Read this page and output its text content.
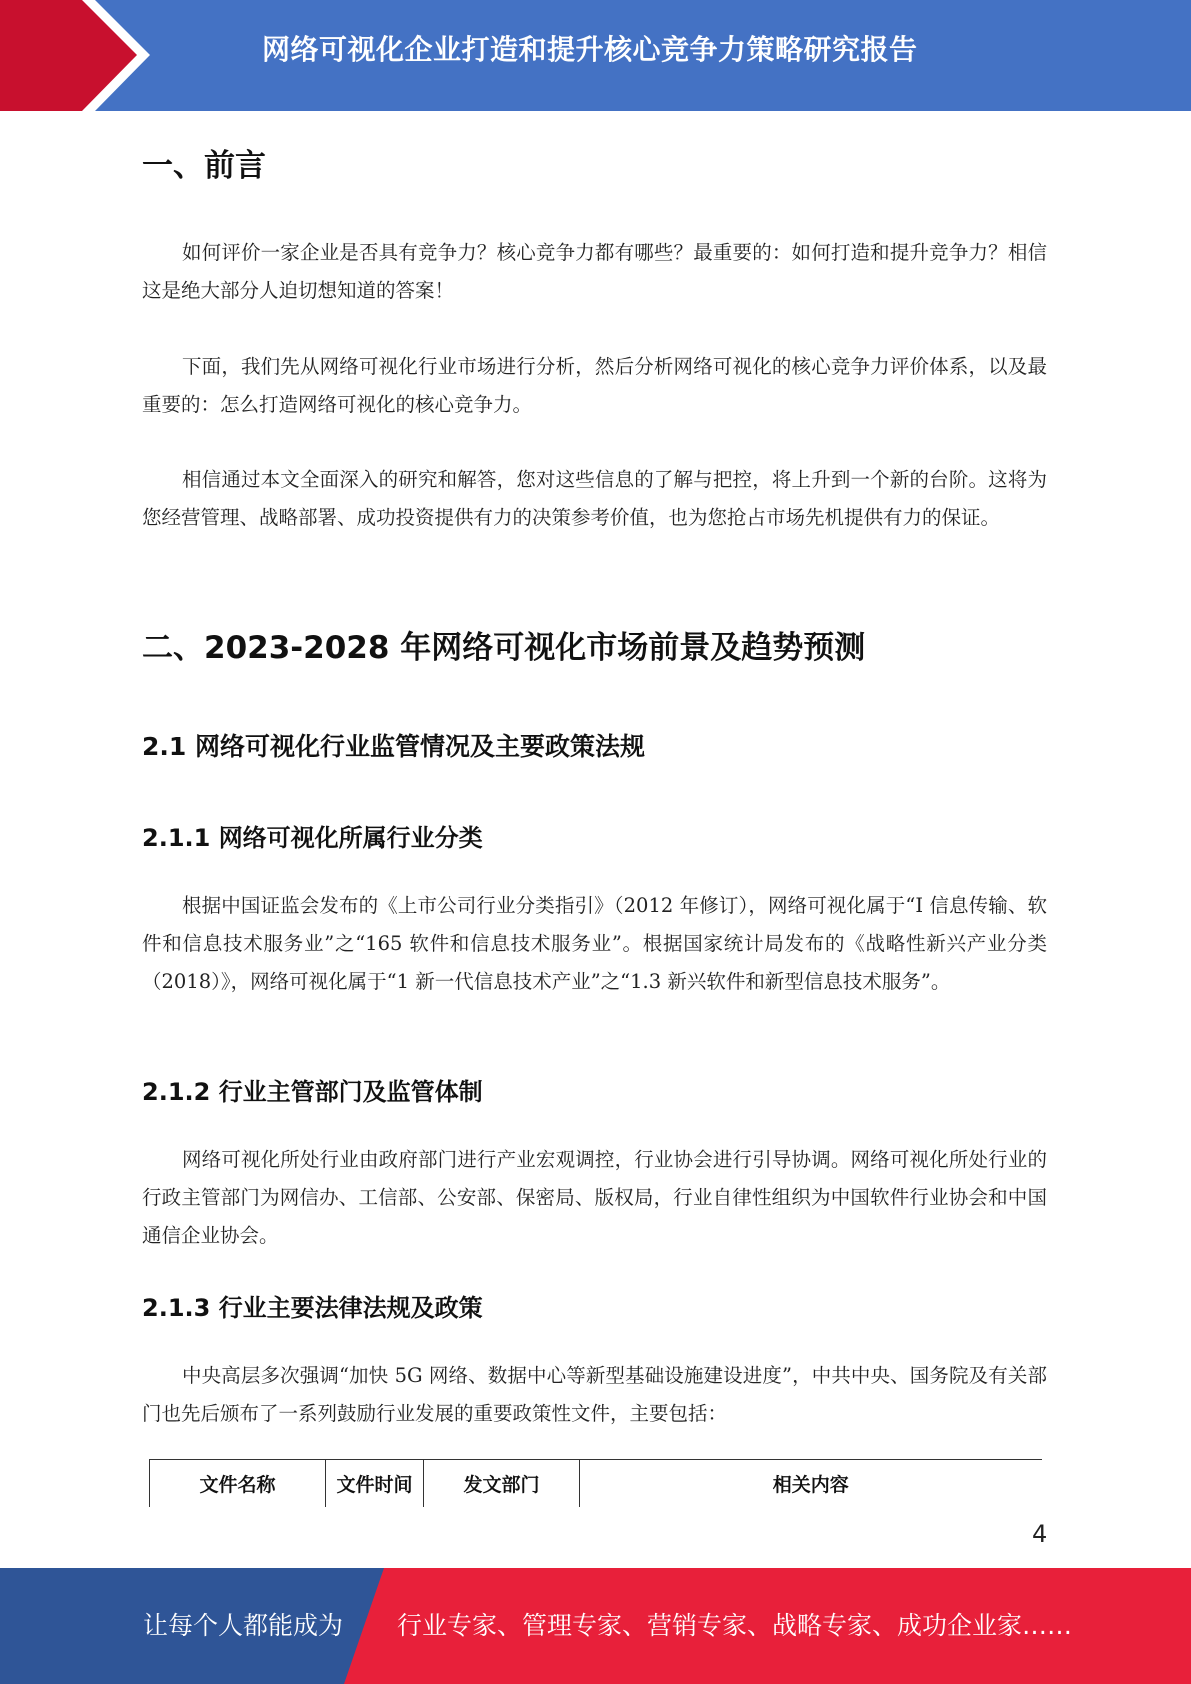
网络可视化企业打造和提升核心竞争力策略研究报告
一、前言

如何评价一家企业是否具有竞争力？核心竞争力都有哪些？最重要的：如何打造和提升竞争力？相信这是绝大部分人迫切想知道的答案！

下面，我们先从网络可视化行业市场进行分析，然后分析网络可视化的核心竞争力评价体系，以及最重要的：怎么打造网络可视化的核心竞争力。

相信通过本文全面深入的研究和解答，您对这些信息的了解与把控，将上升到一个新的台阶。这将为您经营管理、战略部署、成功投资提供有力的决策参考价值，也为您抢占市场先机提供有力的保证。

二、2023-2028 年网络可视化市场前景及趋势预测
2.1 网络可视化行业监管情况及主要政策法规
2.1.1 网络可视化所属行业分类

根据中国证监会发布的《上市公司行业分类指引》（2012 年修订），网络可视化属于“I 信息传输、软件和信息技术服务业”之“165 软件和信息技术服务业”。根据国家统计局发布的《战略性新兴产业分类（2018）》，网络可视化属于“1 新一代信息技术产业”之“1.3 新兴软件和新型信息技术服务”。

2.1.2 行业主管部门及监管体制

网络可视化所处行业由政府部门进行产业宏观调控，行业协会进行引导协调。网络可视化所处行业的行政主管部门为网信办、工信部、公安部、保密局、版权局，行业自律性组织为中国软件行业协会和中国通信企业协会。

2.1.3 行业主要法律法规及政策

中央高层多次强调“加快 5G 网络、数据中心等新型基础设施建设进度”，中共中央、国务院及有关部门也先后颁布了一系列鼓励行业发展的重要政策性文件，主要包括：

文件名称	文件时间	发文部门	相关内容
4
让每个人都能成为 行业专家、管理专家、营销专家、战略专家、成功企业家……
